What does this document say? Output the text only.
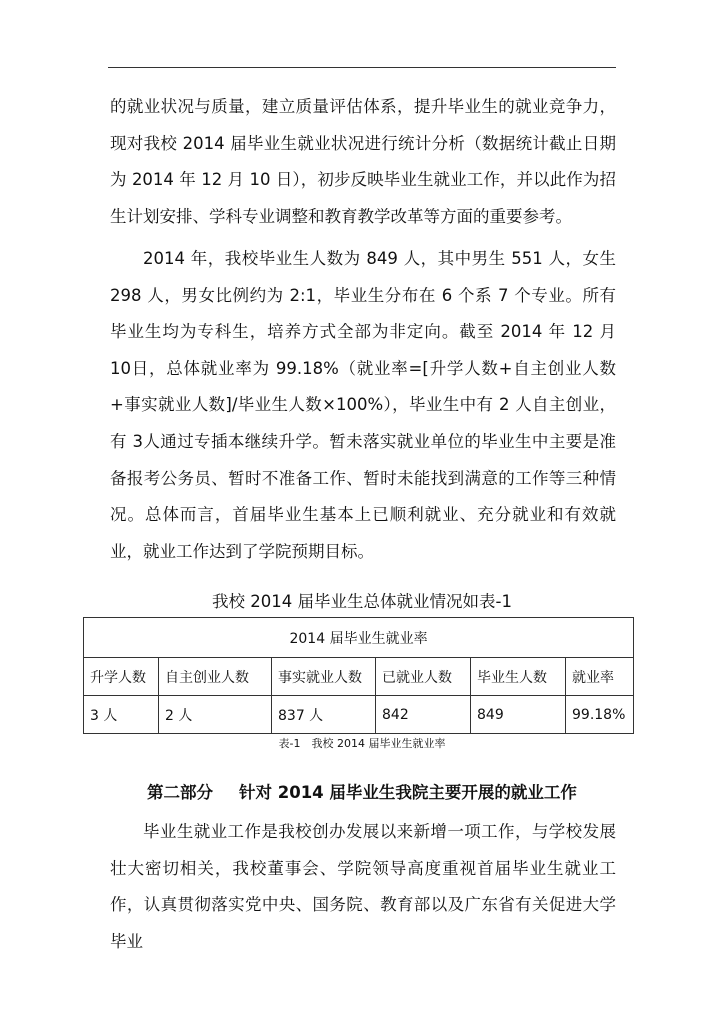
的就业状况与质量，建立质量评估体系，提升毕业生的就业竞争力，现对我校 2014 届毕业生就业状况进行统计分析（数据统计截止日期为 2014 年 12 月 10 日），初步反映毕业生就业工作，并以此作为招生计划安排、学科专业调整和教育教学改革等方面的重要参考。

2014 年，我校毕业生人数为 849 人，其中男生 551 人，女生298 人，男女比例约为 2:1，毕业生分布在 6 个系 7 个专业。所有毕业生均为专科生，培养方式全部为非定向。截至 2014 年 12 月 10日，总体就业率为 99.18%（就业率=[升学人数+自主创业人数+事实就业人数]/毕业生人数×100%），毕业生中有 2 人自主创业，有 3人通过专插本继续升学。暂未落实就业单位的毕业生中主要是准备报考公务员、暂时不准备工作、暂时未能找到满意的工作等三种情况。总体而言，首届毕业生基本上已顺利就业、充分就业和有效就业，就业工作达到了学院预期目标。

我校 2014 届毕业生总体就业情况如表-1
2014 届毕业生就业率					
升学人数	自主创业人数	事实就业人数	已就业人数	毕业生人数	就业率
3 人	2 人	837 人	842	849	99.18%
表-1　我校 2014 届毕业生就业率
第二部分 针对 2014 届毕业生我院主要开展的就业工作

毕业生就业工作是我校创办发展以来新增一项工作，与学校发展壮大密切相关，我校董事会、学院领导高度重视首届毕业生就业工作，认真贯彻落实党中央、国务院、教育部以及广东省有关促进大学毕业
